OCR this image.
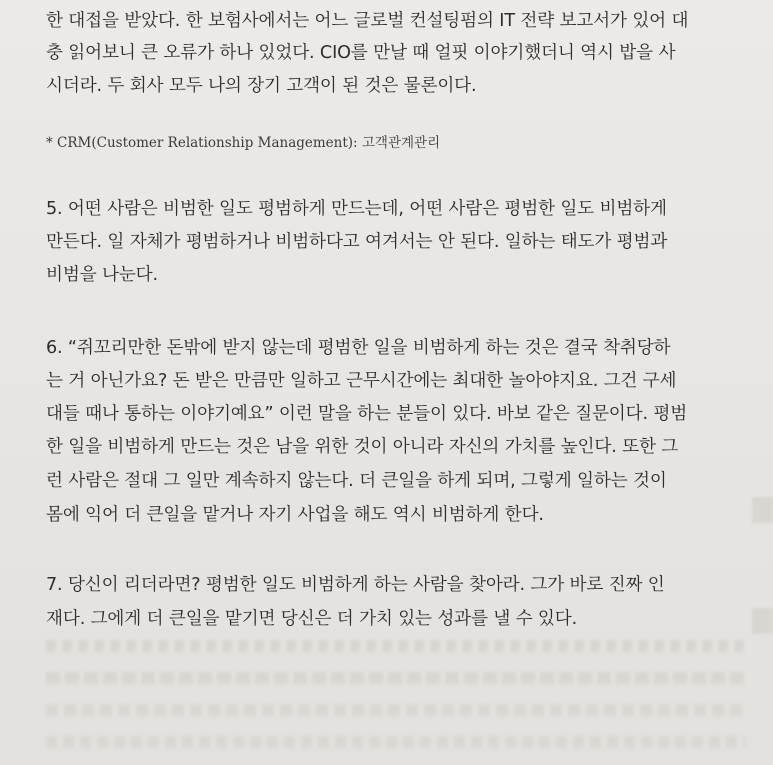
한 대접을 받았다. 한 보험사에서는 어느 글로벌 컨설팅펌의 IT 전략 보고서가 있어 대
충 읽어보니 큰 오류가 하나 있었다. CIO를 만날 때 얼핏 이야기했더니 역시 밥을 사
시더라. 두 회사 모두 나의 장기 고객이 된 것은 물론이다.
* CRM(Customer Relationship Management): 고객관계관리
5. 어떤 사람은 비범한 일도 평범하게 만드는데, 어떤 사람은 평범한 일도 비범하게
만든다. 일 자체가 평범하거나 비범하다고 여겨서는 안 된다. 일하는 태도가 평범과
비범을 나눈다.
6. “쥐꼬리만한 돈밖에 받지 않는데 평범한 일을 비범하게 하는 것은 결국 착취당하
는 거 아닌가요? 돈 받은 만큼만 일하고 근무시간에는 최대한 놀아야지요. 그건 구세
대들 때나 통하는 이야기예요” 이런 말을 하는 분들이 있다. 바보 같은 질문이다. 평범
한 일을 비범하게 만드는 것은 남을 위한 것이 아니라 자신의 가치를 높인다. 또한 그
런 사람은 절대 그 일만 계속하지 않는다. 더 큰일을 하게 되며, 그렇게 일하는 것이
몸에 익어 더 큰일을 맡거나 자기 사업을 해도 역시 비범하게 한다.
7. 당신이 리더라면? 평범한 일도 비범하게 하는 사람을 찾아라. 그가 바로 진짜 인
재다. 그에게 더 큰일을 맡기면 당신은 더 가치 있는 성과를 낼 수 있다.
